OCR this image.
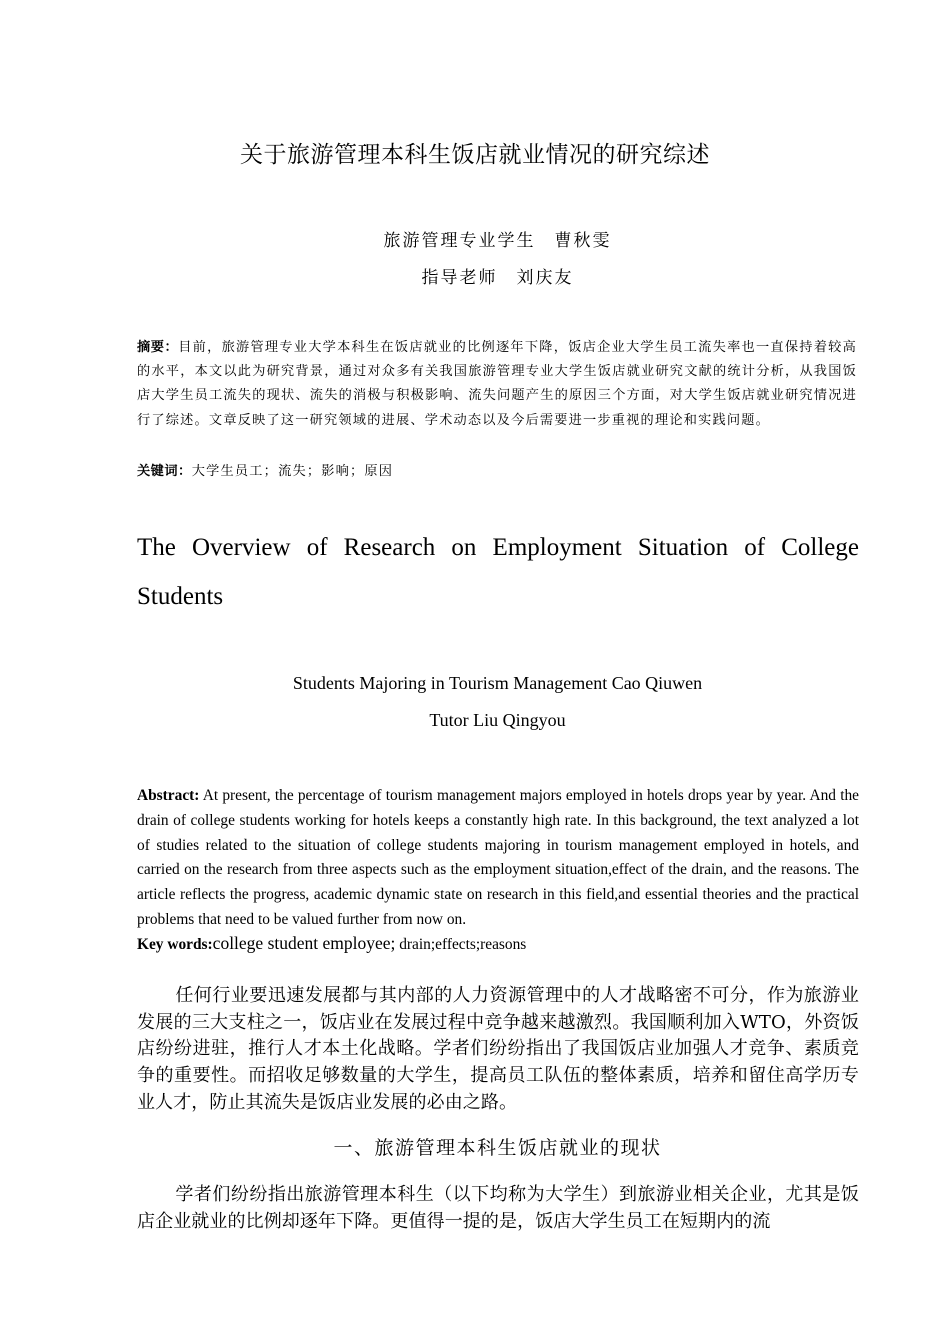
关于旅游管理本科生饭店就业情况的研究综述
旅游管理专业学生　曹秋雯
指导老师　刘庆友
摘要：目前，旅游管理专业大学本科生在饭店就业的比例逐年下降，饭店企业大学生员工流失率也一直保持着较高的水平，本文以此为研究背景，通过对众多有关我国旅游管理专业大学生饭店就业研究文献的统计分析，从我国饭店大学生员工流失的现状、流失的消极与积极影响、流失问题产生的原因三个方面，对大学生饭店就业研究情况进行了综述。文章反映了这一研究领域的进展、学术动态以及今后需要进一步重视的理论和实践问题。
关键词：大学生员工；流失；影响；原因
The Overview of Research on Employment Situation of College Students
Students Majoring in Tourism Management Cao Qiuwen
Tutor Liu Qingyou
Abstract: At present, the percentage of tourism management majors employed in hotels drops year by year. And the drain of college students working for hotels keeps a constantly high rate. In this background, the text analyzed a lot of studies related to the situation of college students majoring in tourism management employed in hotels, and carried on the research from three aspects such as the employment situation,effect of the drain, and the reasons. The article reflects the progress, academic dynamic state on research in this field,and essential theories and the practical problems that need to be valued further from now on.
Key words:college student employee; drain;effects;reasons
任何行业要迅速发展都与其内部的人力资源管理中的人才战略密不可分，作为旅游业发展的三大支柱之一，饭店业在发展过程中竞争越来越激烈。我国顺利加入WTO，外资饭店纷纷进驻，推行人才本土化战略。学者们纷纷指出了我国饭店业加强人才竞争、素质竞争的重要性。而招收足够数量的大学生，提高员工队伍的整体素质，培养和留住高学历专业人才，防止其流失是饭店业发展的必由之路。
一、旅游管理本科生饭店就业的现状
学者们纷纷指出旅游管理本科生（以下均称为大学生）到旅游业相关企业，尤其是饭店企业就业的比例却逐年下降。更值得一提的是，饭店大学生员工在短期内的流
